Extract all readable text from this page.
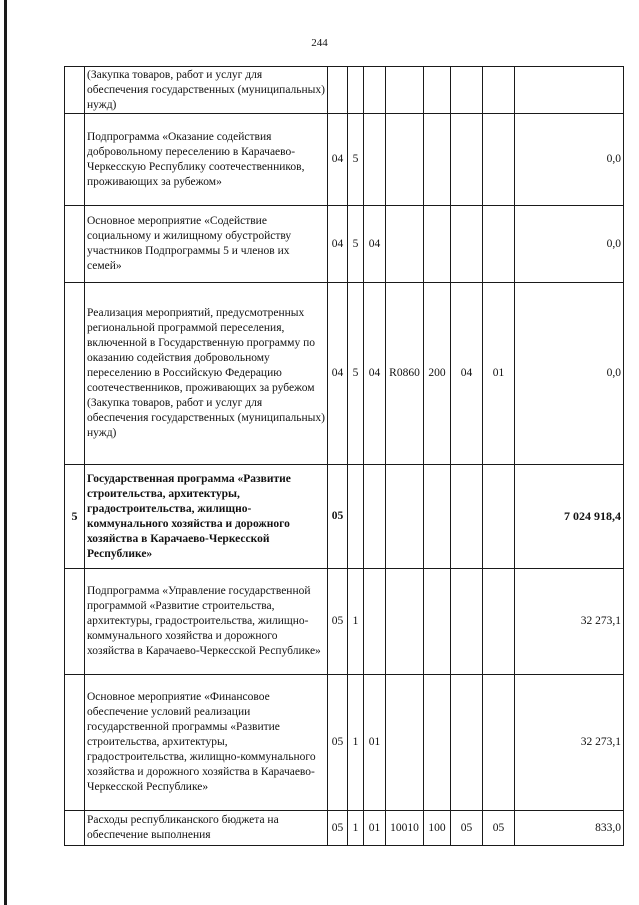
244
	(Закупка товаров, работ и услуг для обеспечения государственных (муниципальных) нужд)								
	Подпрограмма «Оказание содействия добровольному переселению в Карачаево-Черкесскую Республику соотечественников, проживающих за рубежом»	04	5						0,0
	Основное мероприятие «Содействие социальному и жилищному обустройству участников Подпрограммы 5 и членов их семей»	04	5	04					0,0
	Реализация мероприятий, предусмотренных региональной программой переселения, включенной в Государственную программу по оказанию содействия добровольному переселению в Российскую Федерацию соотечественников, проживающих за рубежом (Закупка товаров, работ и услуг для обеспечения государственных (муниципальных) нужд)	04	5	04	R0860	200	04	01	0,0
5	Государственная программа «Развитие строительства, архитектуры, градостроительства, жилищно-коммунального хозяйства и дорожного хозяйства в Карачаево-Черкесской Республике»	05							7 024 918,4
	Подпрограмма «Управление государственной программой «Развитие строительства, архитектуры, градостроительства, жилищно-коммунального хозяйства и дорожного хозяйства в Карачаево-Черкесской Республике»	05	1						32 273,1
	Основное мероприятие «Финансовое обеспечение условий реализации государственной программы «Развитие строительства, архитектуры, градостроительства, жилищно-коммунального хозяйства и дорожного хозяйства в Карачаево-Черкесской Республике»	05	1	01					32 273,1
	Расходы республиканского бюджета на обеспечение выполнения	05	1	01	10010	100	05	05	833,0
